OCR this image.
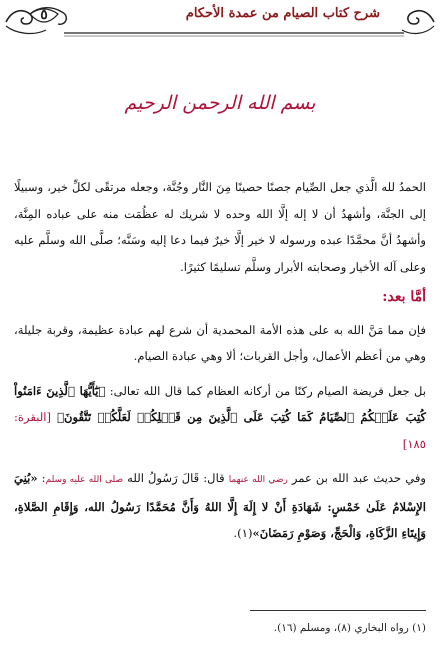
٥	شرح كتاب الصيام من عمدة الأحكام
بسم الله الرحمن الرحيم

الحمدُ لله الَّذي جعل الصِّيام جصنًا حصينًا مِنَ النَّار وجُنَّة، وجعله مرتقًى لكلِّ خير، وسبيلًا إلى الجنَّة، وأشهدُ أن لا إله إلَّا الله وحده لا شريك له عظُمَت منه على عباده المِنَّة، وأشهدُ أنَّ محمَّدًا عبده ورسوله لا خير إلَّا خيرٌ فيما دعا إليه وسَنَّه؛ صلَّى الله وسلَّم عليه وعلى آله الأخيار وصحابته الأبرار وسلَّم تسليمًا كثيرًا.

أمَّا بعد:

فإن مما مَنَّ الله به على هذه الأمة المحمدية أن شرع لهم عبادة عظيمة، وقربة جليلة، وهي من أعظم الأعمال، وأجل القربات؛ ألا وهي عبادة الصيام.

بل جعل فريضة الصيام ركنًا من أركانه العظام كما قال الله تعالى: ﴿يَٰٓأَيُّهَا ٱلَّذِينَ ءَامَنُواْ كُتِبَ عَلَيۡكُمُ ٱلصِّيَامُ كَمَا كُتِبَ عَلَى ٱلَّذِينَ مِن قَبۡلِكُمۡ لَعَلَّكُمۡ تَتَّقُونَ﴾ [البقرة: ١٨٥]

وفي حديث عبد الله بن عمر رضي الله عنهما قال: قَالَ رَسُولُ الله صلى الله عليه وسلم: «بُنِيَ الإِسْلامُ عَلَىٰ خَمْسٍ: شَهَادَةِ أَنْ لا إِلَهَ إِلَّا اللهُ وَأَنَّ مُحَمَّدًا رَسُولُ الله، وَإِقَامِ الصَّلاةِ، وَإِيتَاءِ الزَّكَاةِ، وَالْحَجِّ، وَصَوْمِ رَمَضَانَ»(١).

(١) رواه البخاري (٨)، ومسلم (١٦).
